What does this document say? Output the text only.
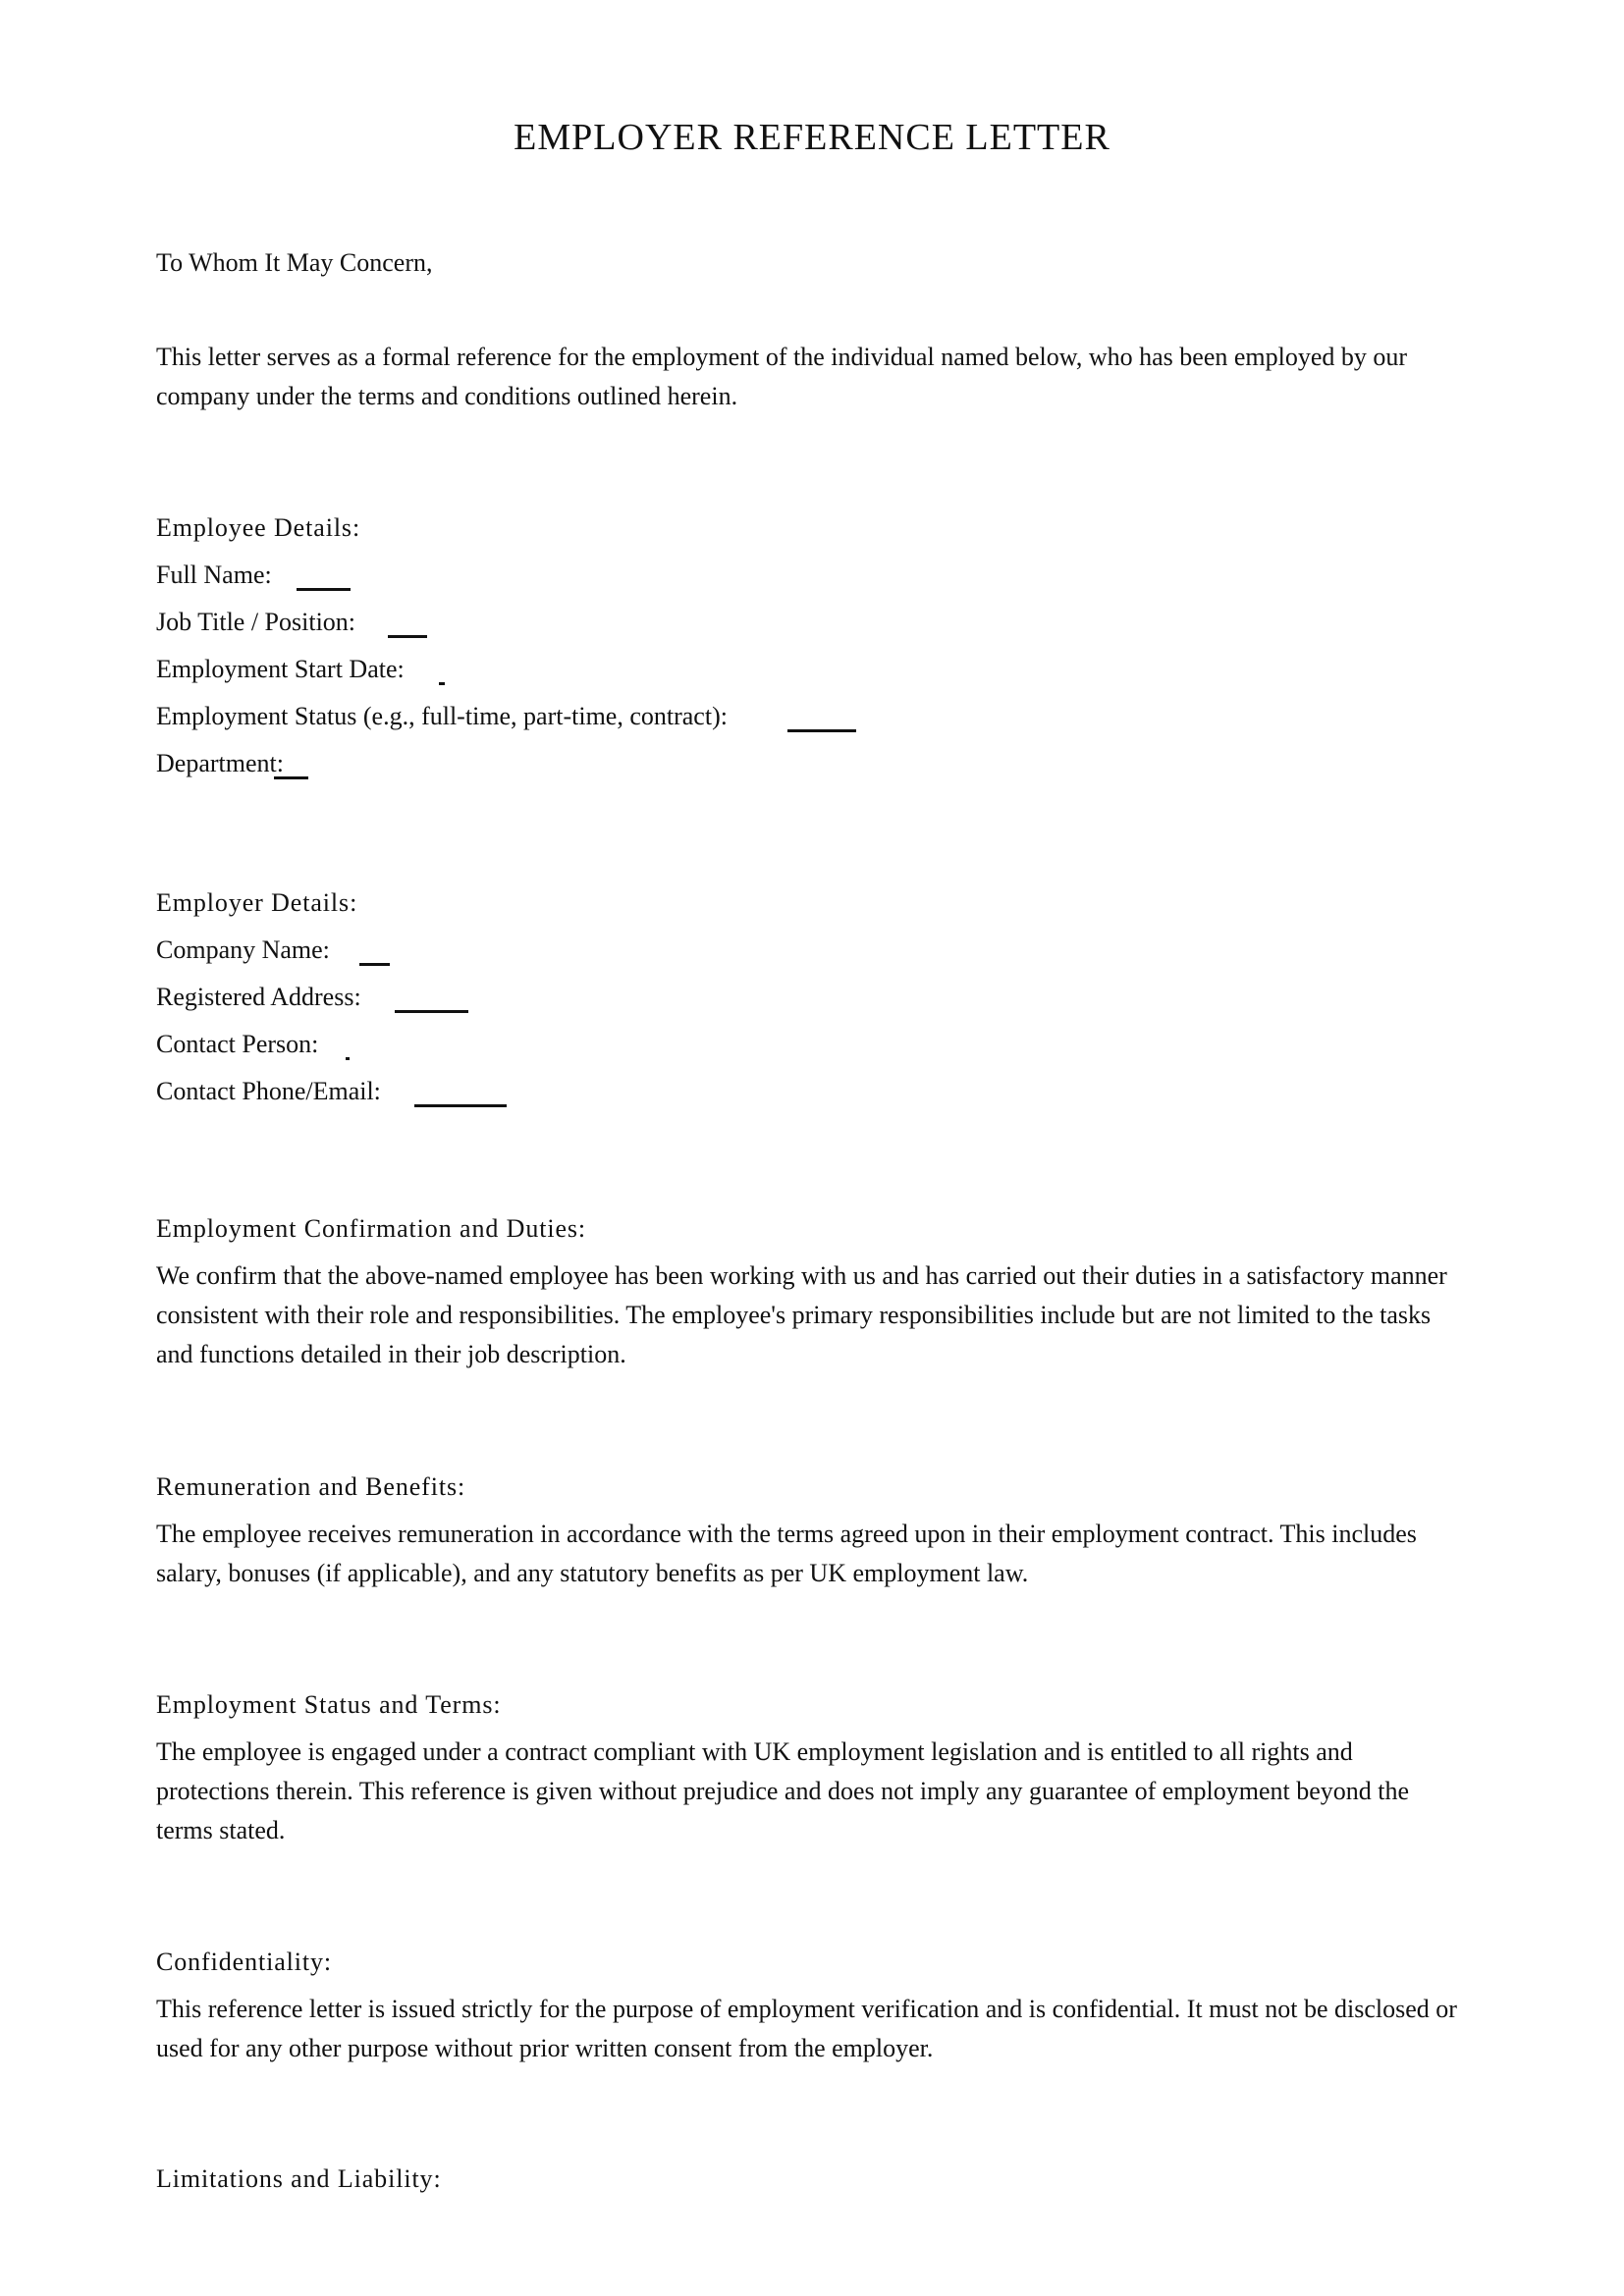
EMPLOYER REFERENCE LETTER
To Whom It May Concern,
This letter serves as a formal reference for the employment of the individual named below, who has been employed by our company under the terms and conditions outlined herein.
Employee Details:
Full Name:
Job Title / Position:
Employment Start Date:
Employment Status (e.g., full-time, part-time, contract):
Department:
Employer Details:
Company Name:
Registered Address:
Contact Person:
Contact Phone/Email:
Employment Confirmation and Duties:
We confirm that the above-named employee has been working with us and has carried out their duties in a satisfactory manner consistent with their role and responsibilities. The employee's primary responsibilities include but are not limited to the tasks and functions detailed in their job description.
Remuneration and Benefits:
The employee receives remuneration in accordance with the terms agreed upon in their employment contract. This includes salary, bonuses (if applicable), and any statutory benefits as per UK employment law.
Employment Status and Terms:
The employee is engaged under a contract compliant with UK employment legislation and is entitled to all rights and protections therein. This reference is given without prejudice and does not imply any guarantee of employment beyond the terms stated.
Confidentiality:
This reference letter is issued strictly for the purpose of employment verification and is confidential. It must not be disclosed or used for any other purpose without prior written consent from the employer.
Limitations and Liability:
